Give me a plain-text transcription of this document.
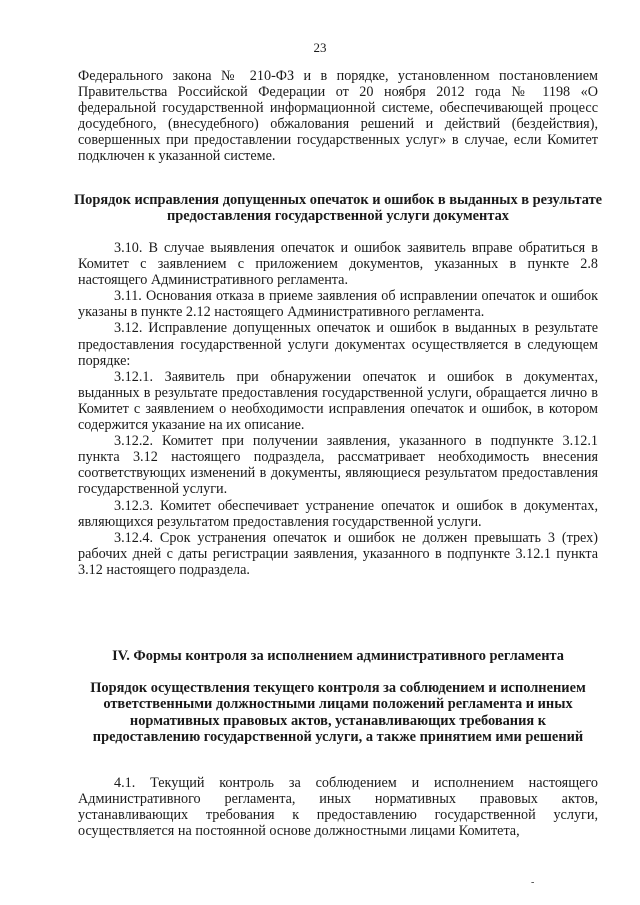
23

Федерального закона № 210-ФЗ и в порядке, установленном постановлением Правительства Российской Федерации от 20 ноября 2012 года № 1198 «О федеральной государственной информационной системе, обеспечивающей процесс досудебного, (внесудебного) обжалования решений и действий (бездействия), совершенных при предоставлении государственных услуг» в случае, если Комитет подключен к указанной системе.

Порядок исправления допущенных опечаток и ошибок в выданных в результате предоставления государственной услуги документах

3.10. В случае выявления опечаток и ошибок заявитель вправе обратиться в Комитет с заявлением с приложением документов, указанных в пункте 2.8 настоящего Административного регламента.

3.11. Основания отказа в приеме заявления об исправлении опечаток и ошибок указаны в пункте 2.12 настоящего Административного регламента.

3.12. Исправление допущенных опечаток и ошибок в выданных в результате предоставления государственной услуги документах осуществляется в следующем порядке:

3.12.1. Заявитель при обнаружении опечаток и ошибок в документах, выданных в результате предоставления государственной услуги, обращается лично в Комитет с заявлением о необходимости исправления опечаток и ошибок, в котором содержится указание на их описание.

3.12.2. Комитет при получении заявления, указанного в подпункте 3.12.1 пункта 3.12 настоящего подраздела, рассматривает необходимость внесения соответствующих изменений в документы, являющиеся результатом предоставления государственной услуги.

3.12.3. Комитет обеспечивает устранение опечаток и ошибок в документах, являющихся результатом предоставления государственной услуги.

3.12.4. Срок устранения опечаток и ошибок не должен превышать 3 (трех) рабочих дней с даты регистрации заявления, указанного в подпункте 3.12.1 пункта 3.12 настоящего подраздела.

IV. Формы контроля за исполнением административного регламента
Порядок осуществления текущего контроля за соблюдением и исполнением ответственными должностными лицами положений регламента и иных нормативных правовых актов, устанавливающих требования к предоставлению государственной услуги, а также принятием ими решений

4.1. Текущий контроль за соблюдением и исполнением настоящего Административного регламента, иных нормативных правовых актов, устанавливающих требования к предоставлению государственной услуги, осуществляется на постоянной основе должностными лицами Комитета,

-
